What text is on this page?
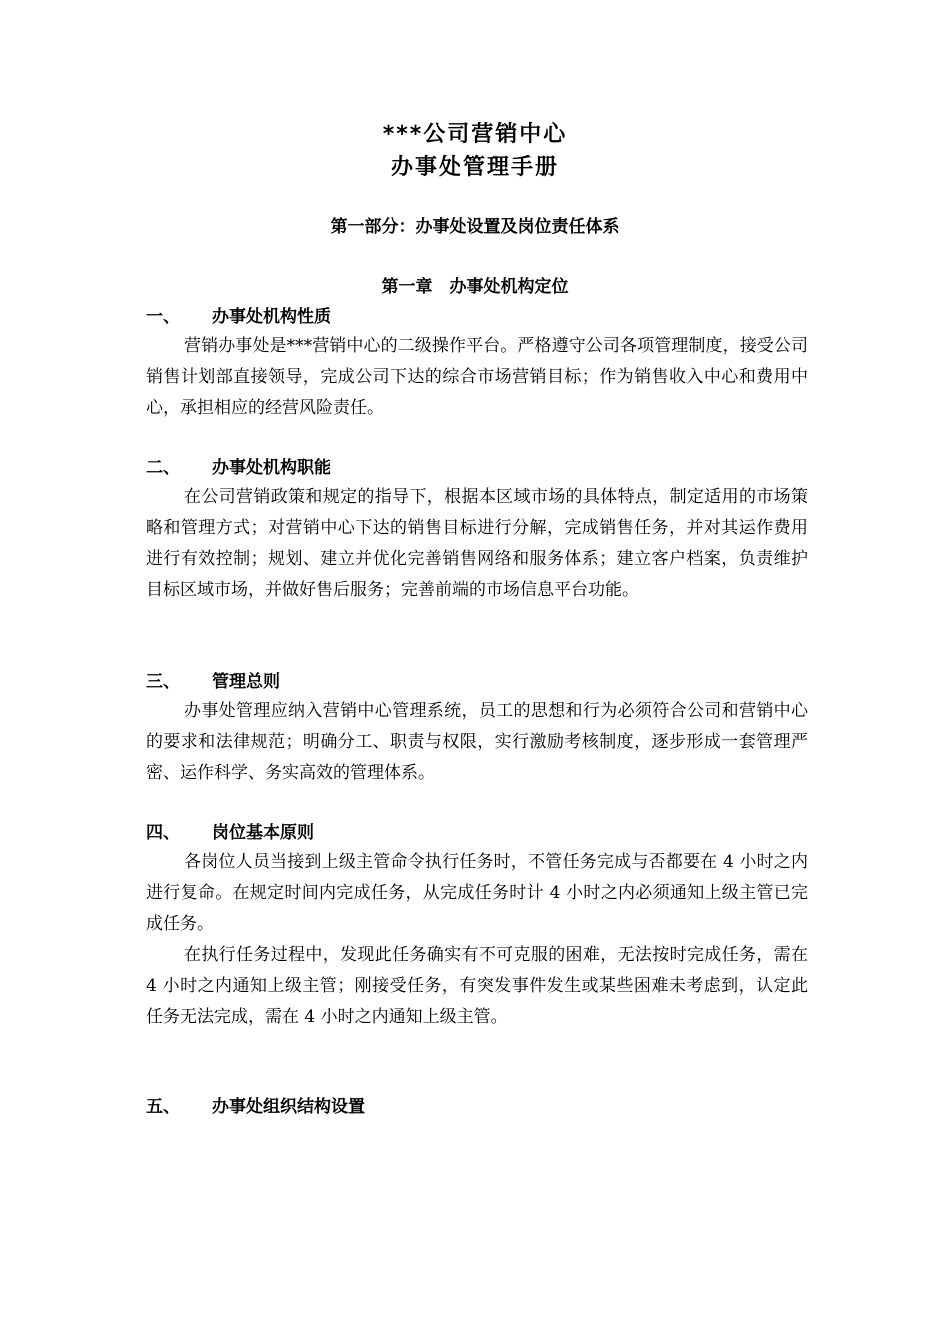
***公司营销中心
办事处管理手册
第一部分：办事处设置及岗位责任体系
第一章　办事处机构定位
一、 办事处机构性质

营销办事处是***营销中心的二级操作平台。严格遵守公司各项管理制度，接受公司销售计划部直接领导，完成公司下达的综合市场营销目标；作为销售收入中心和费用中心，承担相应的经营风险责任。

二、 办事处机构职能

在公司营销政策和规定的指导下，根据本区域市场的具体特点，制定适用的市场策略和管理方式；对营销中心下达的销售目标进行分解，完成销售任务，并对其运作费用进行有效控制；规划、建立并优化完善销售网络和服务体系；建立客户档案，负责维护目标区域市场，并做好售后服务；完善前端的市场信息平台功能。

三、 管理总则

办事处管理应纳入营销中心管理系统，员工的思想和行为必须符合公司和营销中心的要求和法律规范；明确分工、职责与权限，实行激励考核制度，逐步形成一套管理严密、运作科学、务实高效的管理体系。

四、 岗位基本原则

各岗位人员当接到上级主管命令执行任务时，不管任务完成与否都要在 4 小时之内进行复命。在规定时间内完成任务，从完成任务时计 4 小时之内必须通知上级主管已完成任务。

在执行任务过程中，发现此任务确实有不可克服的困难，无法按时完成任务，需在 4 小时之内通知上级主管；刚接受任务，有突发事件发生或某些困难未考虑到，认定此任务无法完成，需在 4 小时之内通知上级主管。

五、 办事处组织结构设置
